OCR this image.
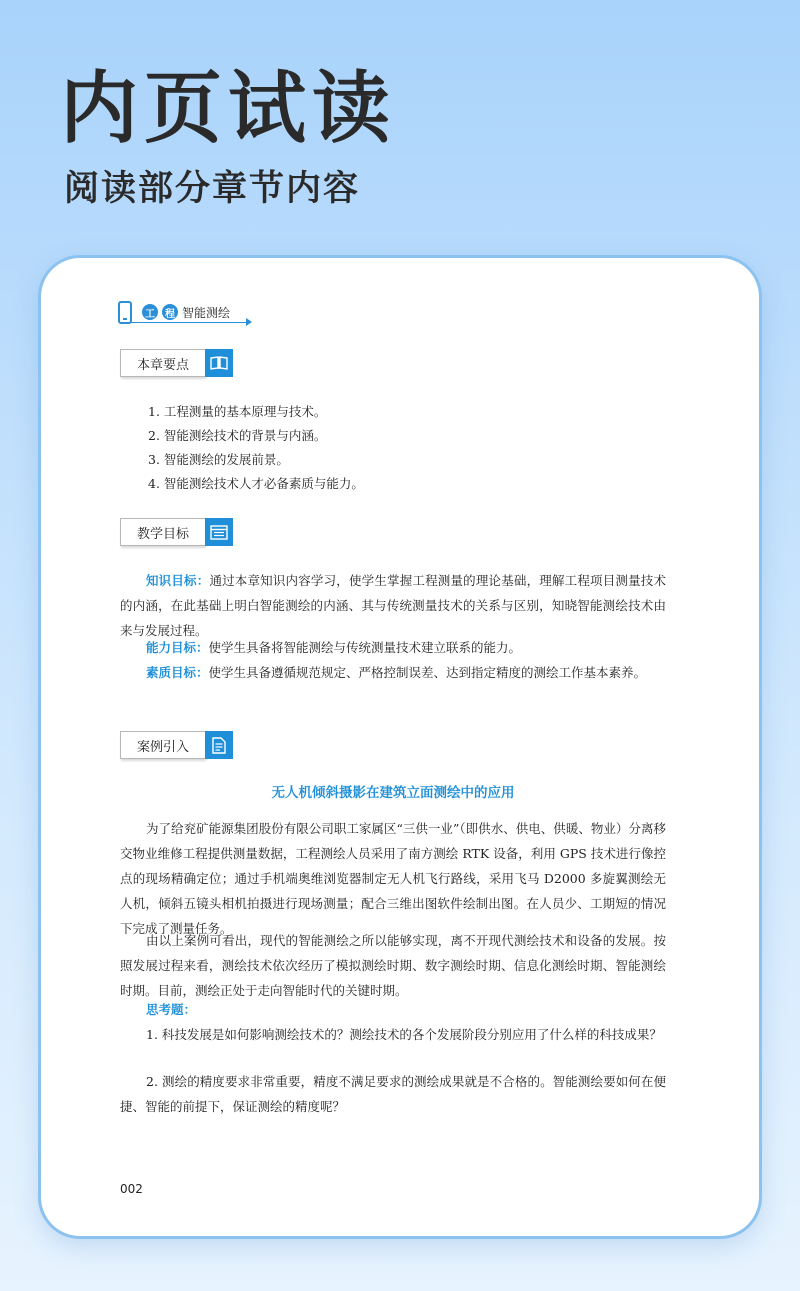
内页试读
阅读部分章节内容
工	程 智能测绘
本章要点
1. 工程测量的基本原理与技术。
2. 智能测绘技术的背景与内涵。
3. 智能测绘的发展前景。
4. 智能测绘技术人才必备素质与能力。
教学目标

知识目标：通过本章知识内容学习，使学生掌握工程测量的理论基础，理解工程项目测量技术的内涵，在此基础上明白智能测绘的内涵、其与传统测量技术的关系与区别，知晓智能测绘技术由来与发展过程。

能力目标：使学生具备将智能测绘与传统测量技术建立联系的能力。

素质目标：使学生具备遵循规范规定、严格控制误差、达到指定精度的测绘工作基本素养。

案例引入
无人机倾斜摄影在建筑立面测绘中的应用

为了给兖矿能源集团股份有限公司职工家属区“三供一业”（即供水、供电、供暖、物业）分离移交物业维修工程提供测量数据，工程测绘人员采用了南方测绘 RTK 设备，利用 GPS 技术进行像控点的现场精确定位；通过手机端奥维浏览器制定无人机飞行路线，采用飞马 D2000 多旋翼测绘无人机，倾斜五镜头相机拍摄进行现场测量；配合三维出图软件绘制出图。在人员少、工期短的情况下完成了测量任务。

由以上案例可看出，现代的智能测绘之所以能够实现，离不开现代测绘技术和设备的发展。按照发展过程来看，测绘技术依次经历了模拟测绘时期、数字测绘时期、信息化测绘时期、智能测绘时期。目前，测绘正处于走向智能时代的关键时期。

思考题：

1. 科技发展是如何影响测绘技术的？测绘技术的各个发展阶段分别应用了什么样的科技成果？

2. 测绘的精度要求非常重要，精度不满足要求的测绘成果就是不合格的。智能测绘要如何在便捷、智能的前提下，保证测绘的精度呢？

002
